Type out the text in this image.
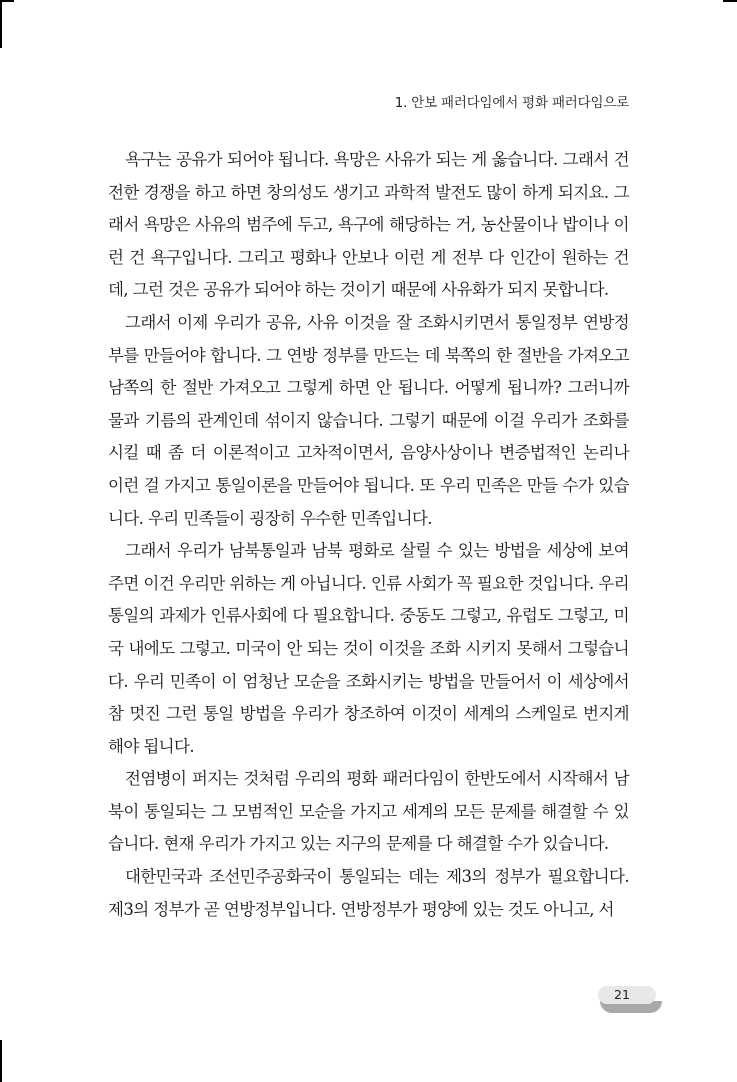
1. 안보 패러다임에서 평화 패러다임으로

욕구는 공유가 되어야 됩니다. 욕망은 사유가 되는 게 옳습니다. 그래서 건전한 경쟁을 하고 하면 창의성도 생기고 과학적 발전도 많이 하게 되지요. 그래서 욕망은 사유의 범주에 두고, 욕구에 해당하는 거, 농산물이나 밥이나 이런 건 욕구입니다. 그리고 평화나 안보나 이런 게 전부 다 인간이 원하는 건데, 그런 것은 공유가 되어야 하는 것이기 때문에 사유화가 되지 못합니다.

그래서 이제 우리가 공유, 사유 이것을 잘 조화시키면서 통일정부 연방정부를 만들어야 합니다. 그 연방 정부를 만드는 데 북쪽의 한 절반을 가져오고 남쪽의 한 절반 가져오고 그렇게 하면 안 됩니다. 어떻게 됩니까? 그러니까 물과 기름의 관계인데 섞이지 않습니다. 그렇기 때문에 이걸 우리가 조화를 시킬 때 좀 더 이론적이고 고차적이면서, 음양사상이나 변증법적인 논리나 이런 걸 가지고 통일이론을 만들어야 됩니다. 또 우리 민족은 만들 수가 있습니다. 우리 민족들이 굉장히 우수한 민족입니다.

그래서 우리가 남북통일과 남북 평화로 살릴 수 있는 방법을 세상에 보여주면 이건 우리만 위하는 게 아닙니다. 인류 사회가 꼭 필요한 것입니다. 우리 통일의 과제가 인류사회에 다 필요합니다. 중동도 그렇고, 유럽도 그렇고, 미국 내에도 그렇고. 미국이 안 되는 것이 이것을 조화 시키지 못해서 그렇습니다. 우리 민족이 이 엄청난 모순을 조화시키는 방법을 만들어서 이 세상에서 참 멋진 그런 통일 방법을 우리가 창조하여 이것이 세계의 스케일로 번지게 해야 됩니다.

전염병이 퍼지는 것처럼 우리의 평화 패러다임이 한반도에서 시작해서 남북이 통일되는 그 모범적인 모순을 가지고 세계의 모든 문제를 해결할 수 있습니다. 현재 우리가 가지고 있는 지구의 문제를 다 해결할 수가 있습니다.

대한민국과 조선민주공화국이 통일되는 데는 제3의 정부가 필요합니다. 제3의 정부가 곧 연방정부입니다. 연방정부가 평양에 있는 것도 아니고, 서

21
